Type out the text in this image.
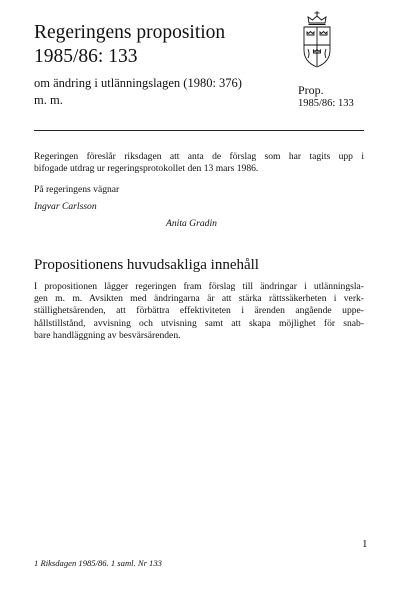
Regeringens proposition
1985/86: 133
om ändring i utlänningslagen (1980: 376)
m. m.
Prop.
1985/86: 133
Regeringen föreslår riksdagen att anta de förslag som har tagits upp i
bifogade utdrag ur regeringsprotokollet den 13 mars 1986.
På regeringens vägnar
Ingvar Carlsson
Anita Gradin
Propositionens huvudsakliga innehåll
I propositionen lägger regeringen fram förslag till ändringar i utlänningsla-
gen m. m. Avsikten med ändringarna är att stärka rättssäkerheten i verk-
ställighetsärenden, att förbättra effektiviteten i ärenden angående uppe-
hållstillstånd, avvisning och utvisning samt att skapa möjlighet för snab-
bare handläggning av besvärsärenden.
1
1 Riksdagen 1985/86. 1 saml. Nr 133
